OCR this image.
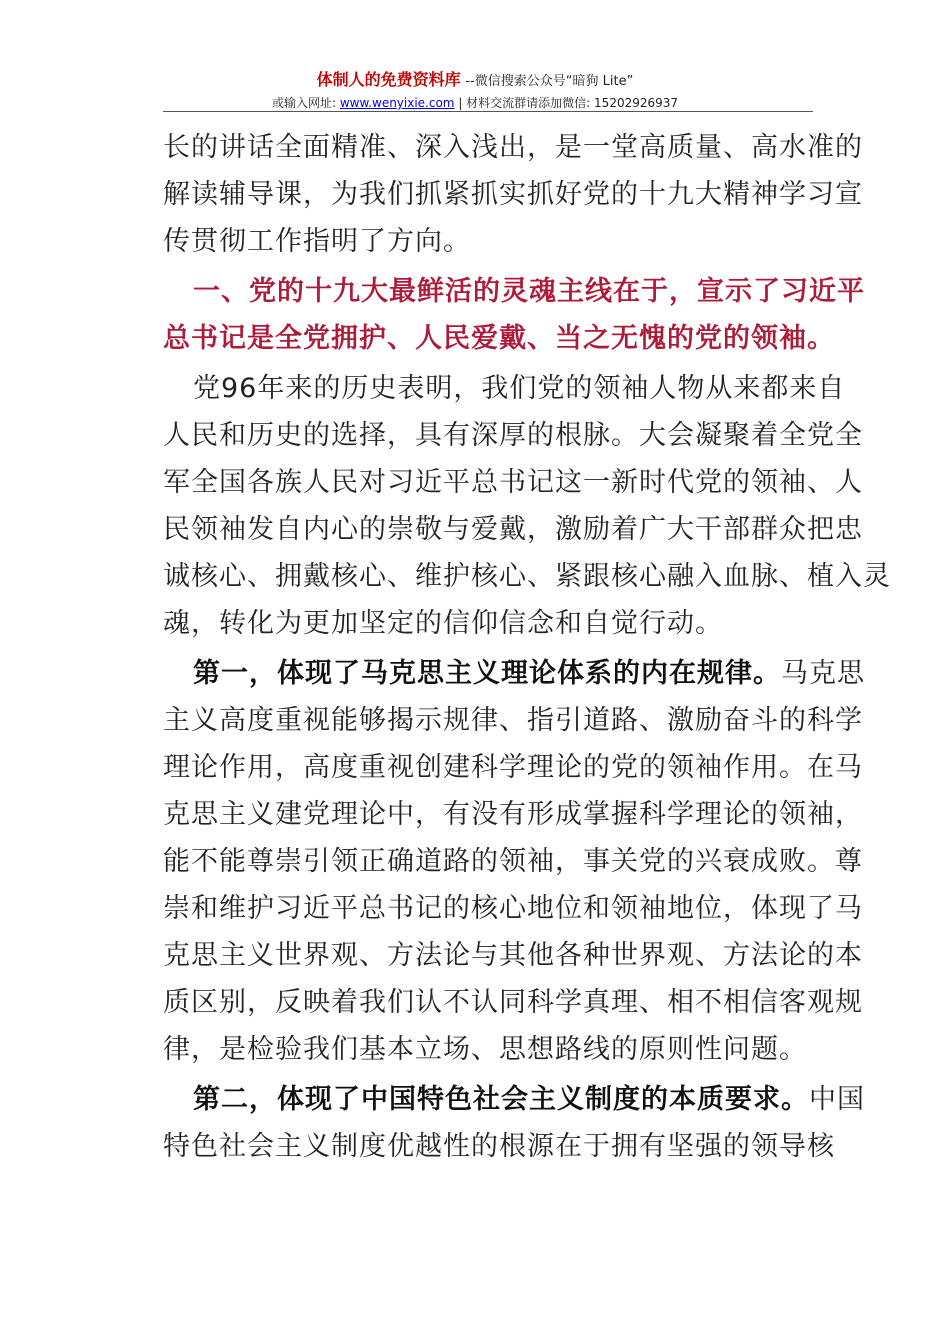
体制人的免费资料库 --微信搜索公众号“暗狗 Lite”
或输入网址: www.wenyixie.com | 材料交流群请添加微信: 15202926937
长的讲话全面精准、深入浅出，是一堂高质量、高水准的
解读辅导课，为我们抓紧抓实抓好党的十九大精神学习宣
传贯彻工作指明了方向。
一、党的十九大最鲜活的灵魂主线在于，宣示了习近平
总书记是全党拥护、人民爱戴、当之无愧的党的领袖。
党96年来的历史表明，我们党的领袖人物从来都来自
人民和历史的选择，具有深厚的根脉。大会凝聚着全党全
军全国各族人民对习近平总书记这一新时代党的领袖、人
民领袖发自内心的崇敬与爱戴，激励着广大干部群众把忠
诚核心、拥戴核心、维护核心、紧跟核心融入血脉、植入灵
魂，转化为更加坚定的信仰信念和自觉行动。
第一，体现了马克思主义理论体系的内在规律。马克思
主义高度重视能够揭示规律、指引道路、激励奋斗的科学
理论作用，高度重视创建科学理论的党的领袖作用。在马
克思主义建党理论中，有没有形成掌握科学理论的领袖，
能不能尊崇引领正确道路的领袖，事关党的兴衰成败。尊
崇和维护习近平总书记的核心地位和领袖地位，体现了马
克思主义世界观、方法论与其他各种世界观、方法论的本
质区别，反映着我们认不认同科学真理、相不相信客观规
律，是检验我们基本立场、思想路线的原则性问题。
第二，体现了中国特色社会主义制度的本质要求。中国
特色社会主义制度优越性的根源在于拥有坚强的领导核
